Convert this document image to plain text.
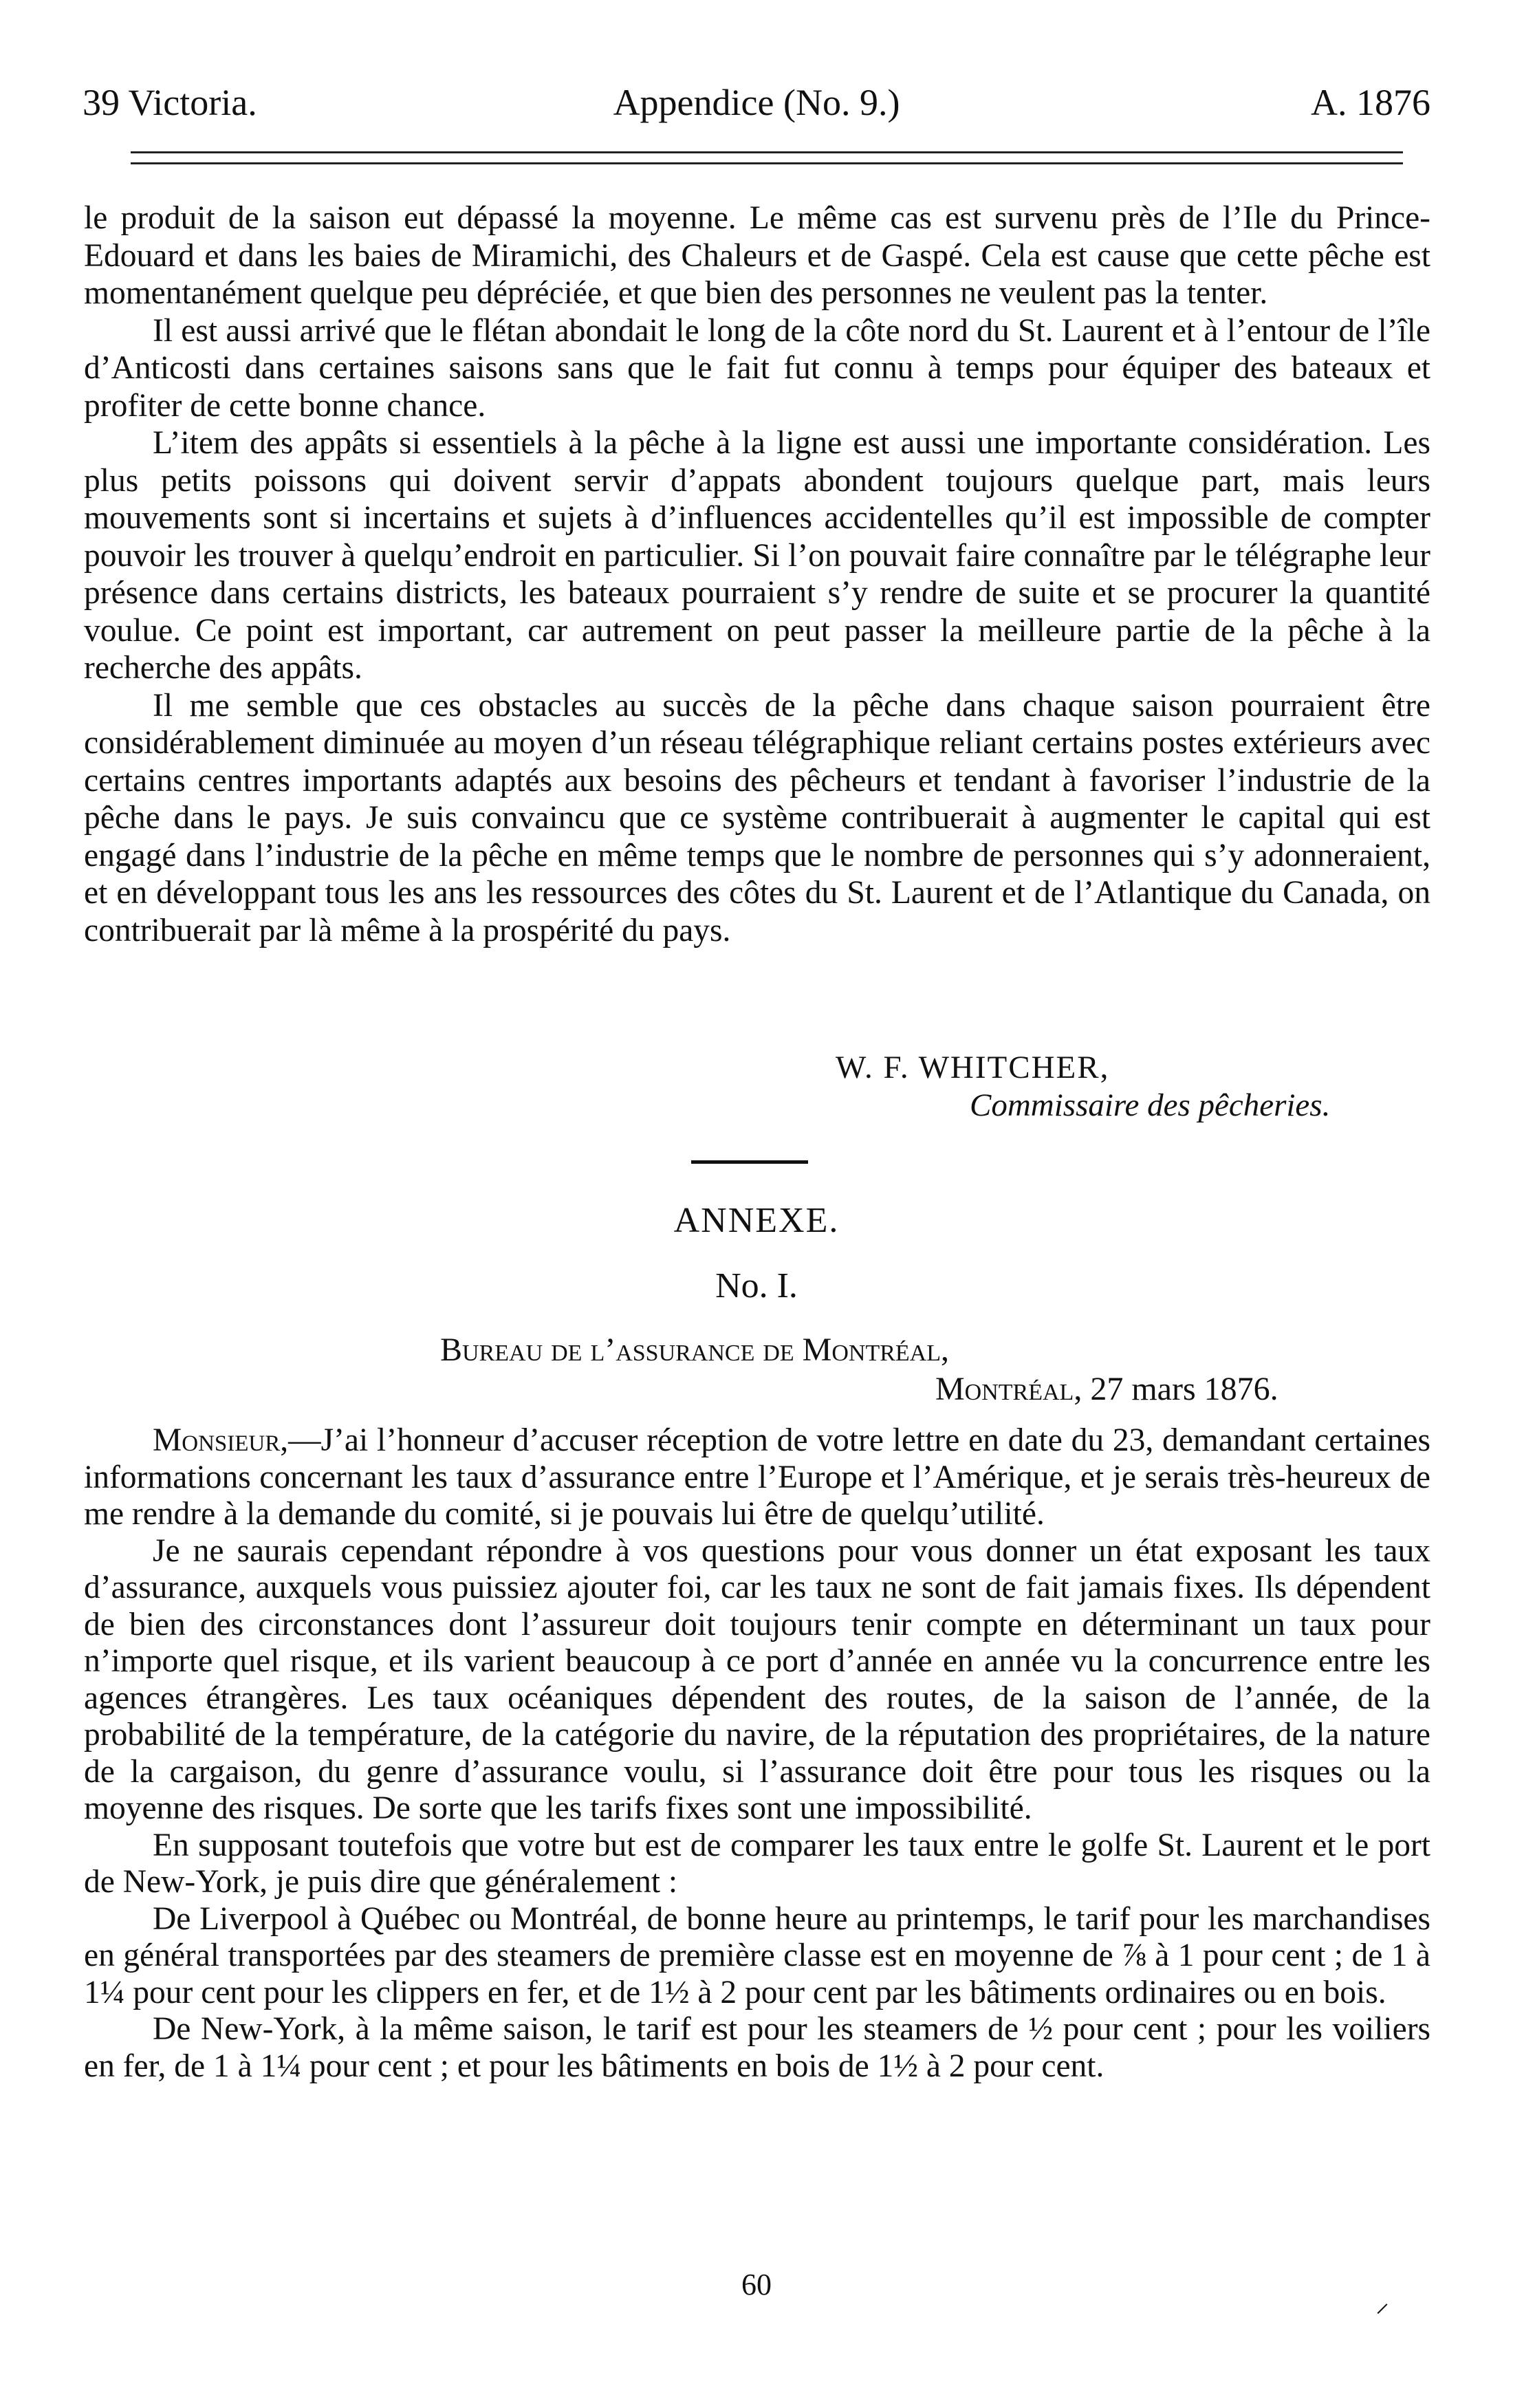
39 Victoria.	Appendice (No. 9.)	A. 1876

le produit de la saison eut dépassé la moyenne. Le même cas est survenu près de l’Ile du Prince-Edouard et dans les baies de Miramichi, des Chaleurs et de Gaspé. Cela est cause que cette pêche est momentanément quelque peu dépréciée, et que bien des personnes ne veulent pas la tenter.

Il est aussi arrivé que le flétan abondait le long de la côte nord du St. Laurent et à l’entour de l’île d’Anticosti dans certaines saisons sans que le fait fut connu à temps pour équiper des bateaux et profiter de cette bonne chance.

L’item des appâts si essentiels à la pêche à la ligne est aussi une importante considération. Les plus petits poissons qui doivent servir d’appats abondent toujours quelque part, mais leurs mouvements sont si incertains et sujets à d’influences accidentelles qu’il est impossible de compter pouvoir les trouver à quelqu’endroit en particulier. Si l’on pouvait faire connaître par le télégraphe leur présence dans certains districts, les bateaux pourraient s’y rendre de suite et se procurer la quantité voulue. Ce point est important, car autrement on peut passer la meilleure partie de la pêche à la recherche des appâts.

Il me semble que ces obstacles au succès de la pêche dans chaque saison pourraient être considérablement diminuée au moyen d’un réseau télégraphique reliant certains postes extérieurs avec certains centres importants adaptés aux besoins des pêcheurs et tendant à favoriser l’industrie de la pêche dans le pays. Je suis convaincu que ce système contribuerait à augmenter le capital qui est engagé dans l’industrie de la pêche en même temps que le nombre de personnes qui s’y adonneraient, et en développant tous les ans les ressources des côtes du St. Laurent et de l’Atlantique du Canada, on contribuerait par là même à la prospérité du pays.

W. F. WHITCHER,
Commissaire des pêcheries.
ANNEXE.
No. I.
Bureau de l’assurance de Montréal,
Montréal, 27 mars 1876.

Monsieur,—J’ai l’honneur d’accuser réception de votre lettre en date du 23, demandant certaines informations concernant les taux d’assurance entre l’Europe et l’Amérique, et je serais très-heureux de me rendre à la demande du comité, si je pouvais lui être de quelqu’utilité.

Je ne saurais cependant répondre à vos questions pour vous donner un état exposant les taux d’assurance, auxquels vous puissiez ajouter foi, car les taux ne sont de fait jamais fixes. Ils dépendent de bien des circonstances dont l’assureur doit toujours tenir compte en déterminant un taux pour n’importe quel risque, et ils varient beaucoup à ce port d’année en année vu la concurrence entre les agences étrangères. Les taux océaniques dépendent des routes, de la saison de l’année, de la probabilité de la température, de la catégorie du navire, de la réputation des propriétaires, de la nature de la cargaison, du genre d’assurance voulu, si l’assurance doit être pour tous les risques ou la moyenne des risques. De sorte que les tarifs fixes sont une impossibilité.

En supposant toutefois que votre but est de comparer les taux entre le golfe St. Laurent et le port de New-York, je puis dire que généralement :

De Liverpool à Québec ou Montréal, de bonne heure au printemps, le tarif pour les marchandises en général transportées par des steamers de première classe est en moyenne de ⅞ à 1 pour cent ; de 1 à 1¼ pour cent pour les clippers en fer, et de 1½ à 2 pour cent par les bâtiments ordinaires ou en bois.

De New-York, à la même saison, le tarif est pour les steamers de ½ pour cent ; pour les voiliers en fer, de 1 à 1¼ pour cent ; et pour les bâtiments en bois de 1½ à 2 pour cent.

60
⸝
